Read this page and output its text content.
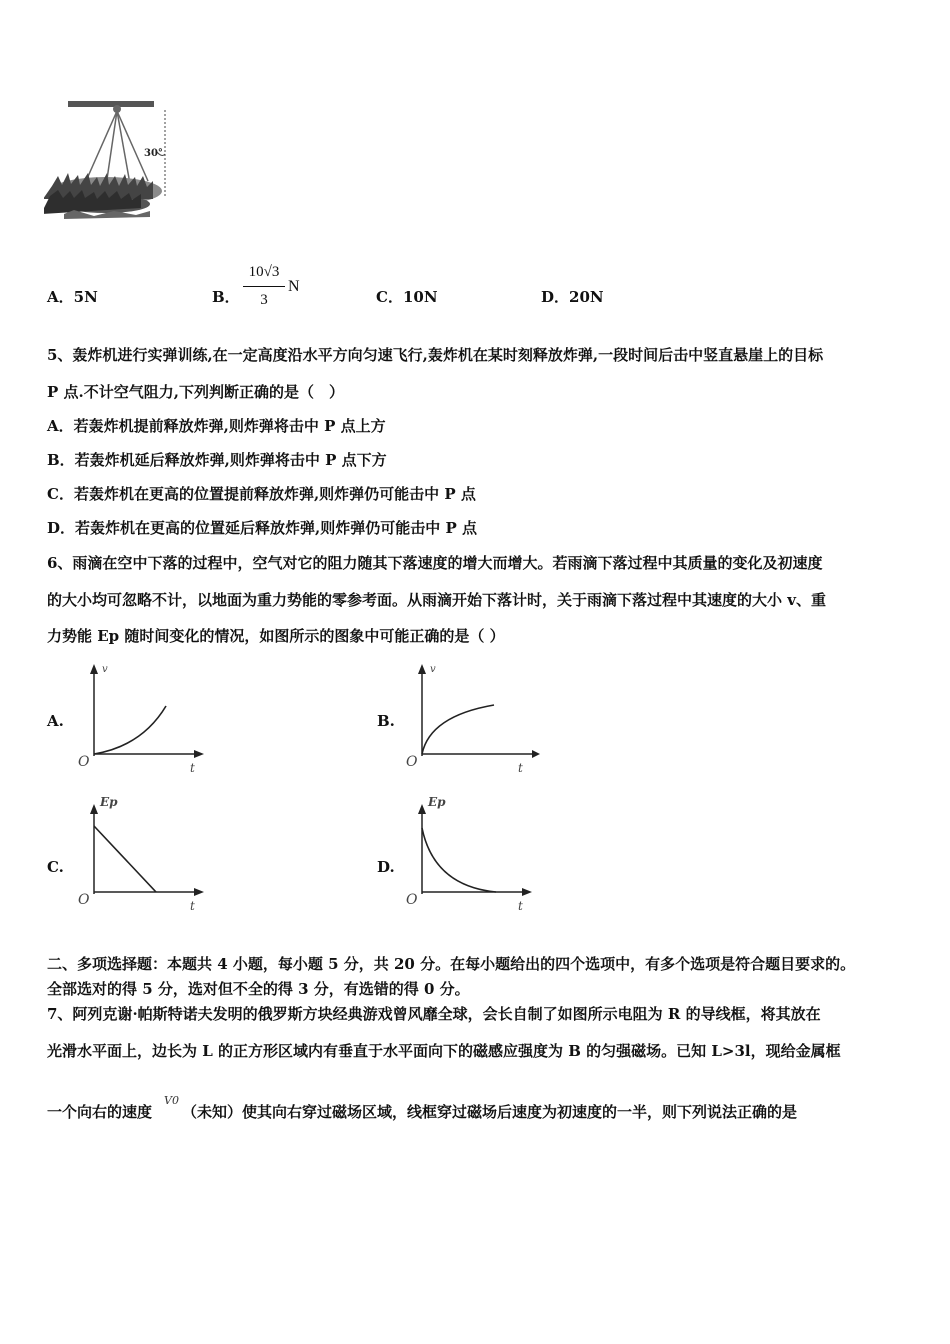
30°
A．5N	B．
10√3
3
N
C．10N	D．20N
5、轰炸机进行实弹训练,在一定高度沿水平方向匀速飞行,轰炸机在某时刻释放炸弹,一段时间后击中竖直悬崖上的目标
P 点.不计空气阻力,下列判断正确的是（　）
A．若轰炸机提前释放炸弹,则炸弹将击中 P 点上方
B．若轰炸机延后释放炸弹,则炸弹将击中 P 点下方
C．若轰炸机在更高的位置提前释放炸弹,则炸弹仍可能击中 P 点
D．若轰炸机在更高的位置延后释放炸弹,则炸弹仍可能击中 P 点
6、雨滴在空中下落的过程中，空气对它的阻力随其下落速度的增大而增大。若雨滴下落过程中其质量的变化及初速度
的大小均可忽略不计，以地面为重力势能的零参考面。从雨滴开始下落计时，关于雨滴下落过程中其速度的大小 v、重
力势能 Ep 随时间变化的情况，如图所示的图象中可能正确的是（ ）
A.
v
t
O
B.
v
t
O
C.
Ep
t
O
D.
Ep
t
O
二、多项选择题：本题共 4 小题，每小题 5 分，共 20 分。在每小题给出的四个选项中，有多个选项是符合题目要求的。
全部选对的得 5 分，选对但不全的得 3 分，有选错的得 0 分。
7、阿列克谢·帕斯特诺夫发明的俄罗斯方块经典游戏曾风靡全球，会长自制了如图所示电阻为 R 的导线框，将其放在
光滑水平面上，边长为 L 的正方形区域内有垂直于水平面向下的磁感应强度为 B 的匀强磁场。已知 L>3l，现给金属框
一个向右的速度
V0
（未知）使其向右穿过磁场区域，线框穿过磁场后速度为初速度的一半，则下列说法正确的是
